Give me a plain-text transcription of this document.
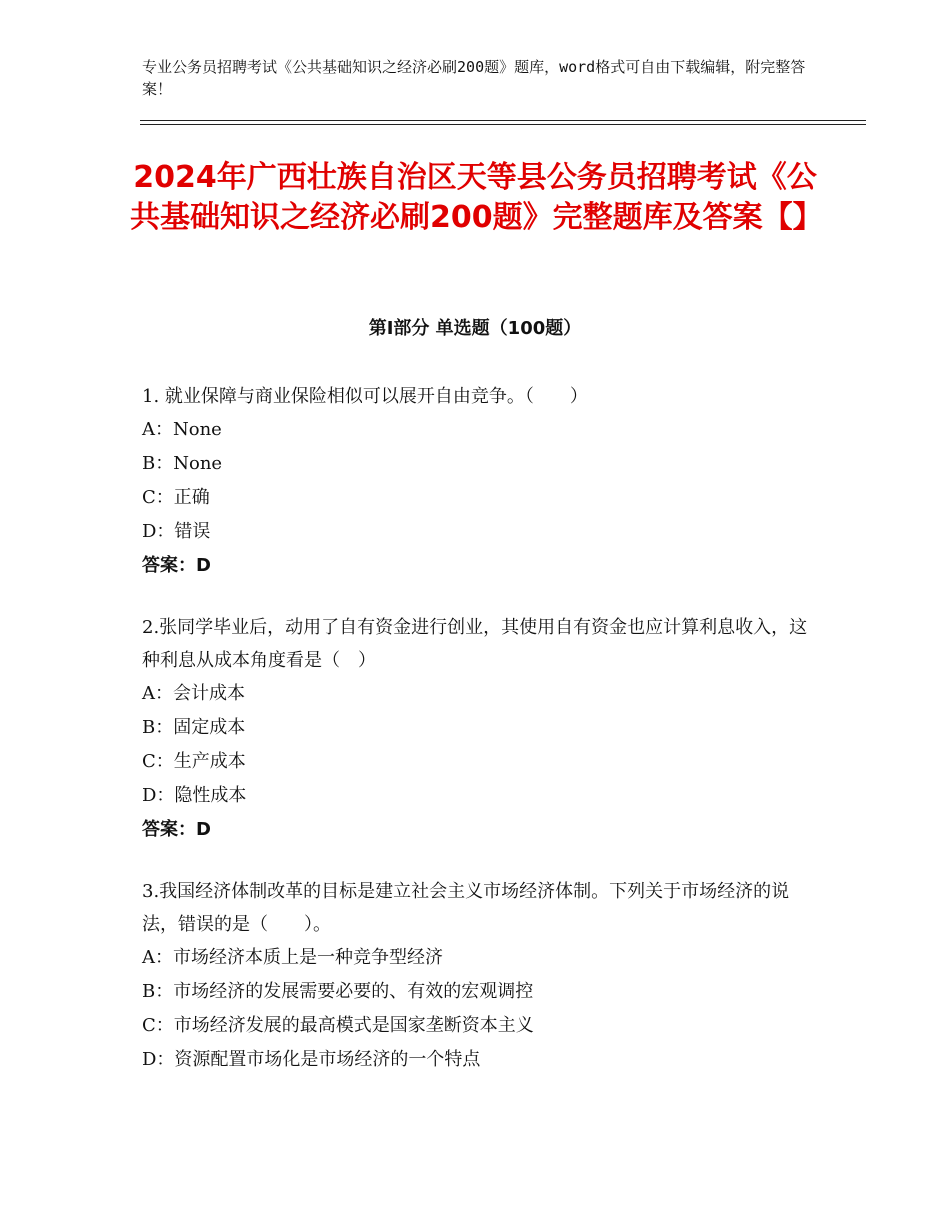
专业公务员招聘考试《公共基础知识之经济必刷200题》题库，word格式可自由下载编辑，附完整答案！
2024年广西壮族自治区天等县公务员招聘考试《公共基础知识之经济必刷200题》完整题库及答案【】
第Ⅰ部分 单选题（100题）

1. 就业保障与商业保险相似可以展开自由竞争。（　　）

A：None

B：None

C：正确

D：错误

答案：D

2.张同学毕业后，动用了自有资金进行创业，其使用自有资金也应计算利息收入，这种利息从成本角度看是（　）

A：会计成本

B：固定成本

C：生产成本

D：隐性成本

答案：D

3.我国经济体制改革的目标是建立社会主义市场经济体制。下列关于市场经济的说法，错误的是（　　）。

A：市场经济本质上是一种竞争型经济

B：市场经济的发展需要必要的、有效的宏观调控

C：市场经济发展的最高模式是国家垄断资本主义

D：资源配置市场化是市场经济的一个特点
